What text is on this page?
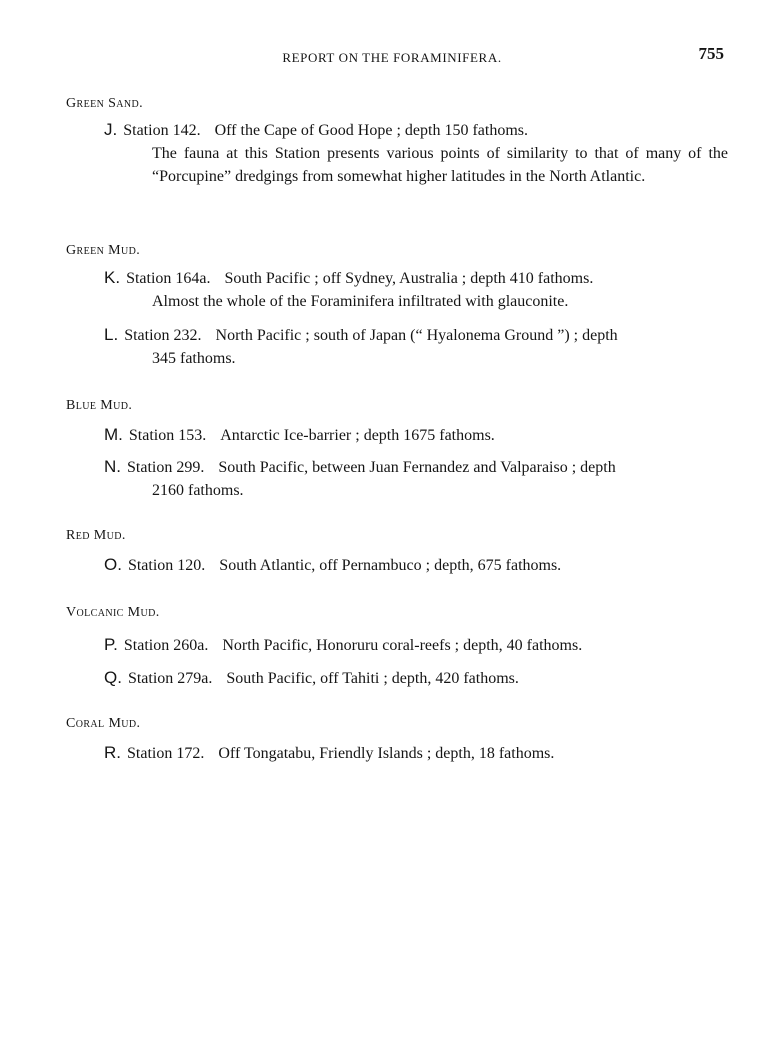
REPORT ON THE FORAMINIFERA.	755
Green Sand.
J. Station 142. Off the Cape of Good Hope ; depth 150 fathoms.
The fauna at this Station presents various points of similarity to that of many of the “Porcupine” dredgings from somewhat higher latitudes in the North Atlantic.
Green Mud.
K. Station 164a. South Pacific ; off Sydney, Australia ; depth 410 fathoms.
Almost the whole of the Foraminifera infiltrated with glauconite.
L. Station 232. North Pacific ; south of Japan (“ Hyalonema Ground ”) ; depth
345 fathoms.
Blue Mud.
M. Station 153. Antarctic Ice-barrier ; depth 1675 fathoms.
N. Station 299. South Pacific, between Juan Fernandez and Valparaiso ; depth
2160 fathoms.
Red Mud.
O. Station 120. South Atlantic, off Pernambuco ; depth, 675 fathoms.
Volcanic Mud.
P. Station 260a. North Pacific, Honoruru coral-reefs ; depth, 40 fathoms.
Q. Station 279a. South Pacific, off Tahiti ; depth, 420 fathoms.
Coral Mud.
R. Station 172. Off Tongatabu, Friendly Islands ; depth, 18 fathoms.
